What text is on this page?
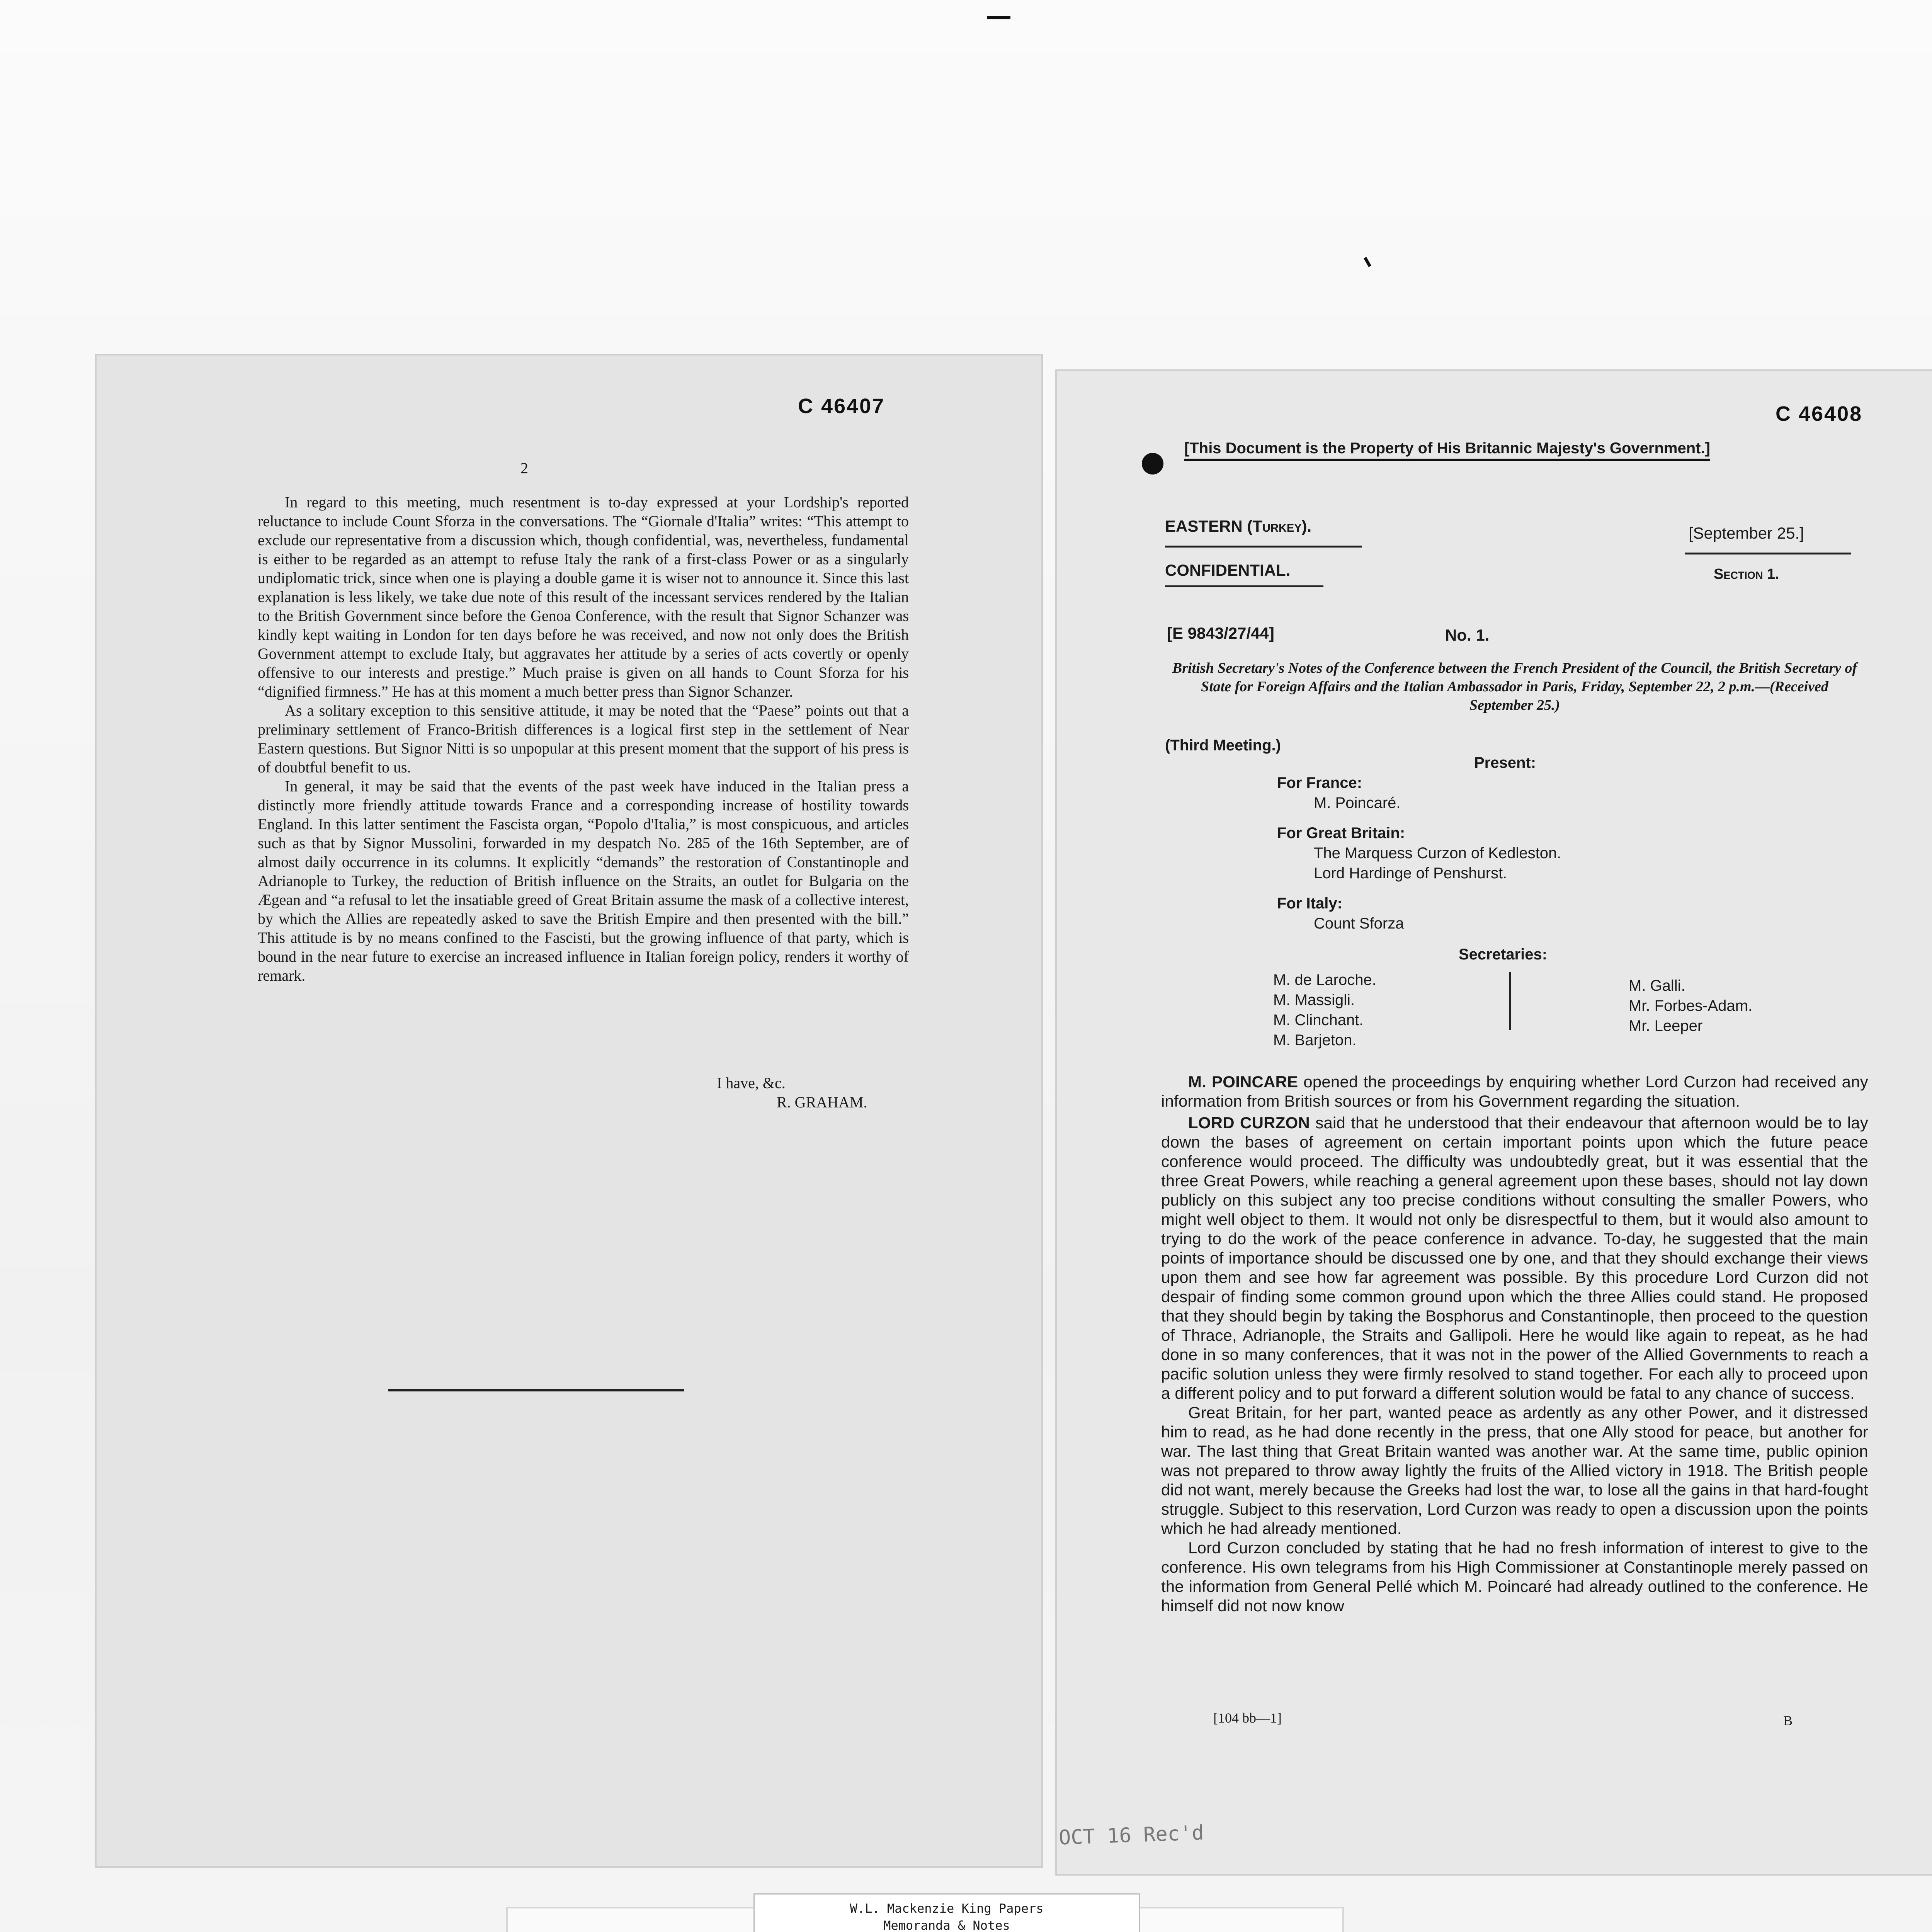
C 46407
2

In regard to this meeting, much resentment is to-day expressed at your Lordship's reported reluctance to include Count Sforza in the conversations. The “Giornale d'Italia” writes: “This attempt to exclude our representative from a discussion which, though confidential, was, nevertheless, fundamental is either to be regarded as an attempt to refuse Italy the rank of a first-class Power or as a singularly undiplomatic trick, since when one is playing a double game it is wiser not to announce it. Since this last explanation is less likely, we take due note of this result of the incessant services rendered by the Italian to the British Government since before the Genoa Conference, with the result that Signor Schanzer was kindly kept waiting in London for ten days before he was received, and now not only does the British Government attempt to exclude Italy, but aggravates her attitude by a series of acts covertly or openly offensive to our interests and prestige.” Much praise is given on all hands to Count Sforza for his “dignified firmness.” He has at this moment a much better press than Signor Schanzer.

As a solitary exception to this sensitive attitude, it may be noted that the “Paese” points out that a preliminary settlement of Franco-British differences is a logical first step in the settlement of Near Eastern questions. But Signor Nitti is so unpopular at this present moment that the support of his press is of doubtful benefit to us.

In general, it may be said that the events of the past week have induced in the Italian press a distinctly more friendly attitude towards France and a corresponding increase of hostility towards England. In this latter sentiment the Fascista organ, “Popolo d'Italia,” is most conspicuous, and articles such as that by Signor Mussolini, forwarded in my despatch No. 285 of the 16th September, are of almost daily occurrence in its columns. It explicitly “demands” the restoration of Constantinople and Adrianople to Turkey, the reduction of British influence on the Straits, an outlet for Bulgaria on the Ægean and “a refusal to let the insatiable greed of Great Britain assume the mask of a collective interest, by which the Allies are repeatedly asked to save the British Empire and then presented with the bill.” This attitude is by no means confined to the Fascisti, but the growing influence of that party, which is bound in the near future to exercise an increased influence in Italian foreign policy, renders it worthy of remark.

I have, &c.
R. GRAHAM.
C 46408
[This Document is the Property of His Britannic Majesty's Government.]
EASTERN (Turkey).	[September 25.]
CONFIDENTIAL.	Section 1.
[E 9843/27/44]	No. 1.
British Secretary's Notes of the Conference between the French President of the Council, the British Secretary of State for Foreign Affairs and the Italian Ambassador in Paris, Friday, September 22, 2 p.m.—(Received September 25.)
(Third Meeting.)
Present:
For France:
M. Poincaré.
For Great Britain:
The Marquess Curzon of Kedleston.
Lord Hardinge of Penshurst.
For Italy:
Count Sforza
Secretaries:
M. de Laroche.
M. Massigli.
M. Clinchant.
M. Barjeton.
M. Galli.
Mr. Forbes-Adam.
Mr. Leeper

M. POINCARE opened the proceedings by enquiring whether Lord Curzon had received any information from British sources or from his Government regarding the situation.

LORD CURZON said that he understood that their endeavour that afternoon would be to lay down the bases of agreement on certain important points upon which the future peace conference would proceed. The difficulty was undoubtedly great, but it was essential that the three Great Powers, while reaching a general agreement upon these bases, should not lay down publicly on this subject any too precise conditions without consulting the smaller Powers, who might well object to them. It would not only be disrespectful to them, but it would also amount to trying to do the work of the peace conference in advance. To-day, he suggested that the main points of importance should be discussed one by one, and that they should exchange their views upon them and see how far agreement was possible. By this procedure Lord Curzon did not despair of finding some common ground upon which the three Allies could stand. He proposed that they should begin by taking the Bosphorus and Constantinople, then proceed to the question of Thrace, Adrianople, the Straits and Gallipoli. Here he would like again to repeat, as he had done in so many conferences, that it was not in the power of the Allied Governments to reach a pacific solution unless they were firmly resolved to stand together. For each ally to proceed upon a different policy and to put forward a different solution would be fatal to any chance of success.

Great Britain, for her part, wanted peace as ardently as any other Power, and it distressed him to read, as he had done recently in the press, that one Ally stood for peace, but another for war. The last thing that Great Britain wanted was another war. At the same time, public opinion was not prepared to throw away lightly the fruits of the Allied victory in 1918. The British people did not want, merely because the Greeks had lost the war, to lose all the gains in that hard-fought struggle. Subject to this reservation, Lord Curzon was ready to open a discussion upon the points which he had already mentioned.

Lord Curzon concluded by stating that he had no fresh information of interest to give to the conference. His own telegrams from his High Commissioner at Constantinople merely passed on the information from General Pellé which M. Poincaré had already outlined to the conference. He himself did not now know

[104 bb—1]	B
OCT 16 Rec'd
W.L. Mackenzie King Papers
Memoranda & Notes
